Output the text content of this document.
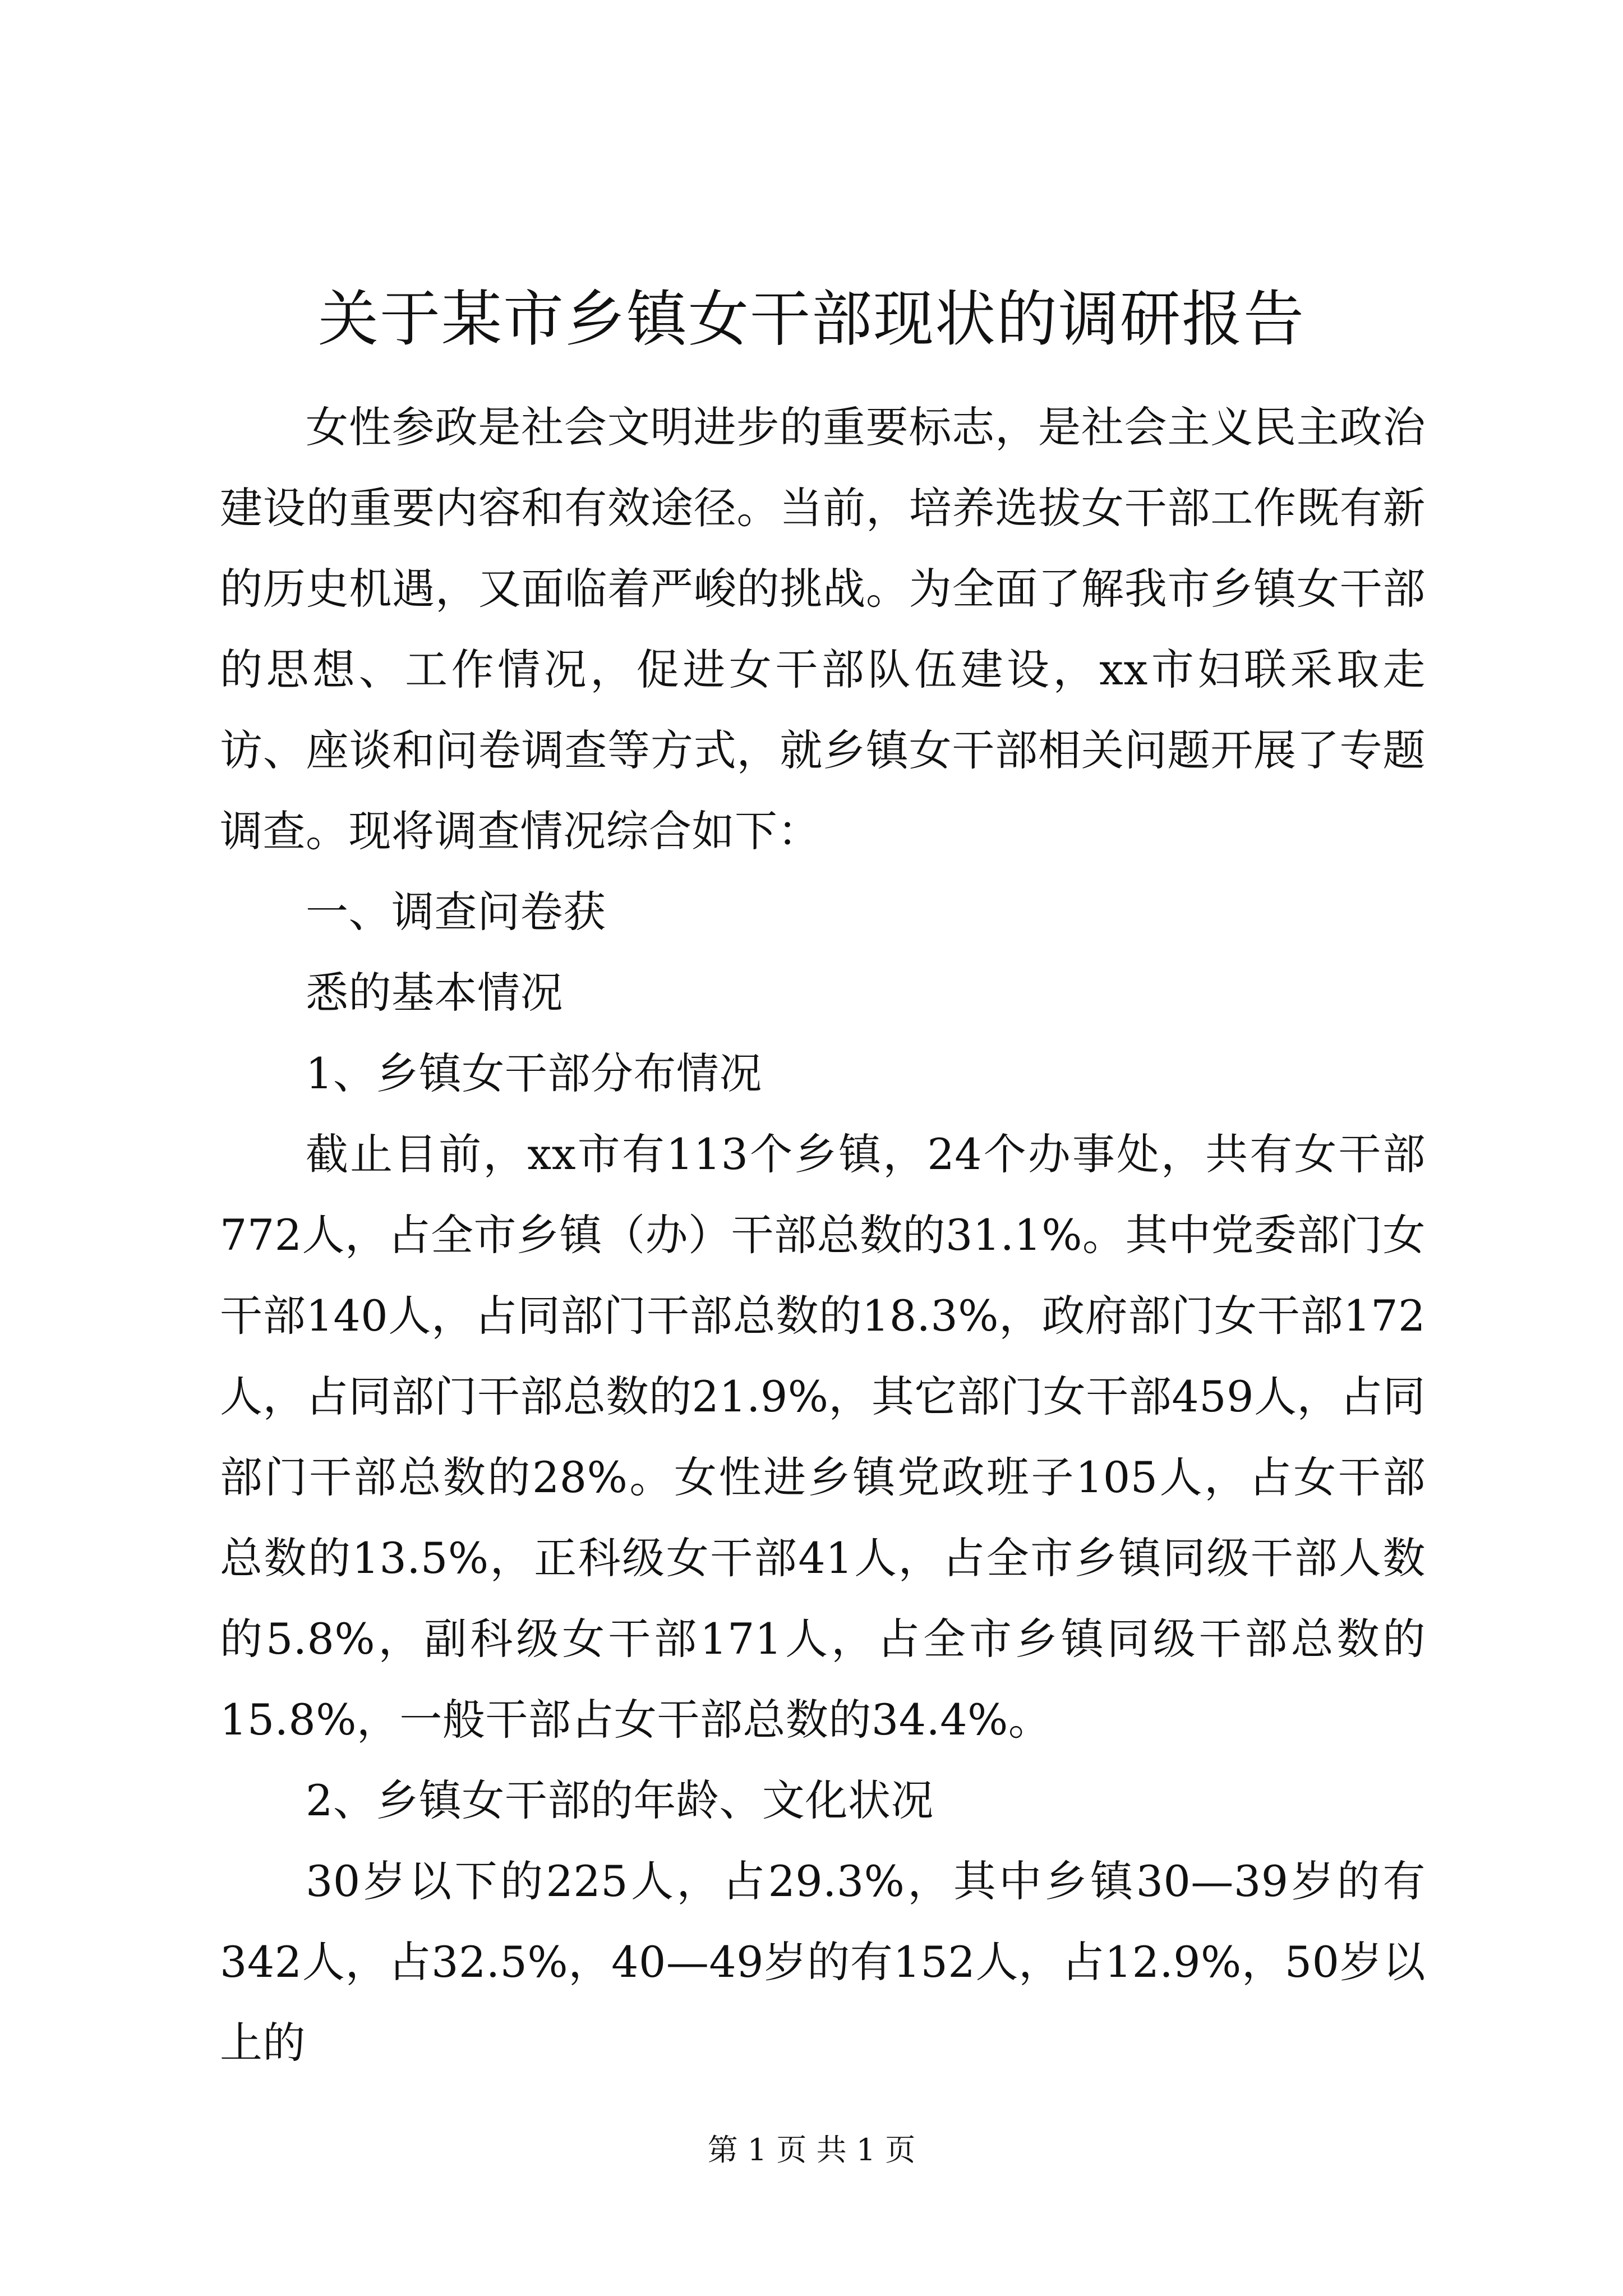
关于某市乡镇女干部现状的调研报告

女性参政是社会文明进步的重要标志，是社会主义民主政治建设的重要内容和有效途径。当前，培养选拔女干部工作既有新的历史机遇，又面临着严峻的挑战。为全面了解我市乡镇女干部的思想、工作情况，促进女干部队伍建设，xx市妇联采取走访、座谈和问卷调查等方式，就乡镇女干部相关问题开展了专题调查。现将调查情况综合如下：

一、调查问卷获

悉的基本情况

1、乡镇女干部分布情况

截止目前，xx市有113个乡镇，24个办事处，共有女干部772人，占全市乡镇（办）干部总数的31.1%。其中党委部门女干部140人，占同部门干部总数的18.3%，政府部门女干部172人，占同部门干部总数的21.9%，其它部门女干部459人，占同部门干部总数的28%。女性进乡镇党政班子105人，占女干部总数的13.5%，正科级女干部41人，占全市乡镇同级干部人数的5.8%，副科级女干部171人，占全市乡镇同级干部总数的15.8%，一般干部占女干部总数的34.4%。

2、乡镇女干部的年龄、文化状况

30岁以下的225人，占29.3%，其中乡镇30—39岁的有342人，占32.5%，40—49岁的有152人，占12.9%，50岁以上的

第 1 页 共 1 页
